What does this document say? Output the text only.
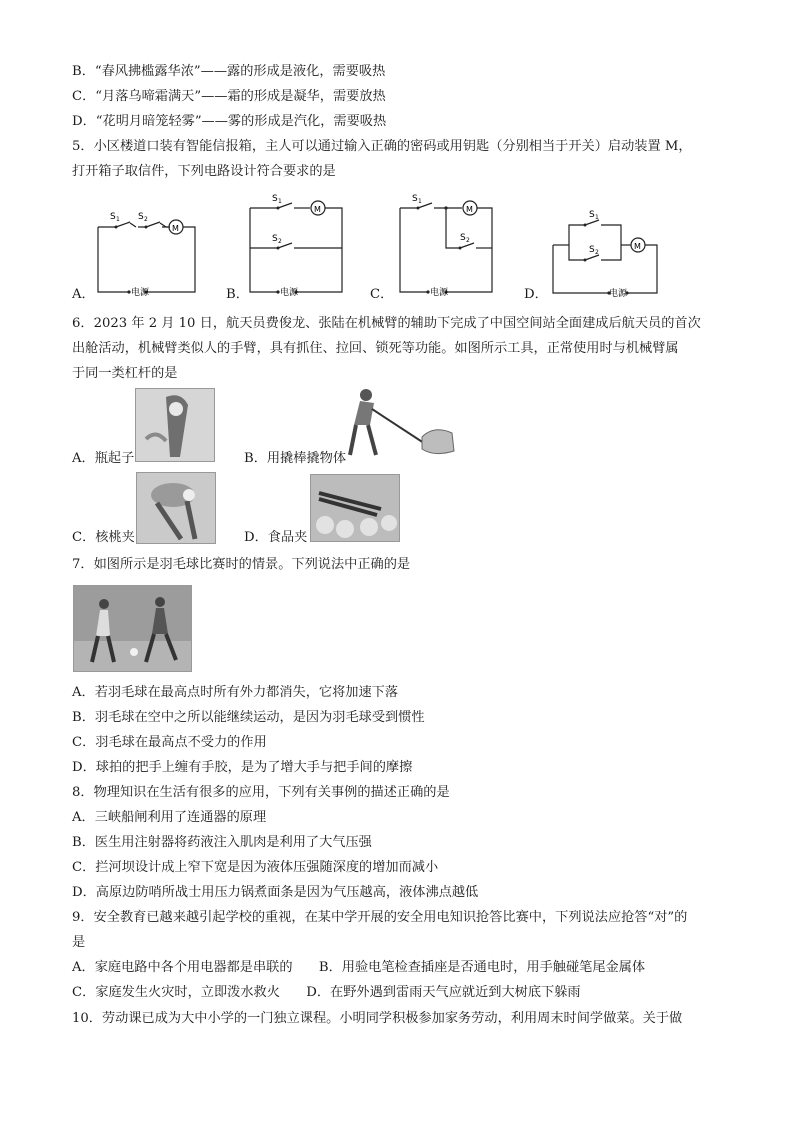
B．“春风拂槛露华浓”——露的形成是液化，需要吸热
C．“月落乌啼霜满天”——霜的形成是凝华，需要放热
D．“花明月暗笼轻雾”——雾的形成是汽化，需要吸热
5．小区楼道口装有智能信报箱，主人可以通过输入正确的密码或用钥匙（分别相当于开关）启动装置 M，
打开箱子取信件，下列电路设计符合要求的是
A．	B．	C．	D．
M
S 1 S 2
电源
M
S 1
S 2
电源
M
S 1
S 2
电源
M
S 1
S 2
电源
6．2023 年 2 月 10 日，航天员费俊龙、张陆在机械臂的辅助下完成了中国空间站全面建成后航天员的首次
出舱活动，机械臂类似人的手臂，具有抓住、拉回、锁死等功能。如图所示工具，正常使用时与机械臂属
于同一类杠杆的是
A．瓶起子	B．用撬棒撬物体
C．核桃夹	D．食品夹
7．如图所示是羽毛球比赛时的情景。下列说法中正确的是
A．若羽毛球在最高点时所有外力都消失，它将加速下落
B．羽毛球在空中之所以能继续运动，是因为羽毛球受到惯性
C．羽毛球在最高点不受力的作用
D．球拍的把手上缠有手胶，是为了增大手与把手间的摩擦
8．物理知识在生活有很多的应用，下列有关事例的描述正确的是
A．三峡船闸利用了连通器的原理
B．医生用注射器将药液注入肌肉是利用了大气压强
C．拦河坝设计成上窄下宽是因为液体压强随深度的增加而减小
D．高原边防哨所战士用压力锅煮面条是因为气压越高，液体沸点越低
9．安全教育已越来越引起学校的重视，在某中学开展的安全用电知识抢答比赛中，下列说法应抢答“对”的
是
A．家庭电路中各个用电器都是串联的　　B．用验电笔检查插座是否通电时，用手触碰笔尾金属体
C．家庭发生火灾时，立即泼水救火　　D．在野外遇到雷雨天气应就近到大树底下躲雨
10．劳动课已成为大中小学的一门独立课程。小明同学积极参加家务劳动，利用周末时间学做菜。关于做
